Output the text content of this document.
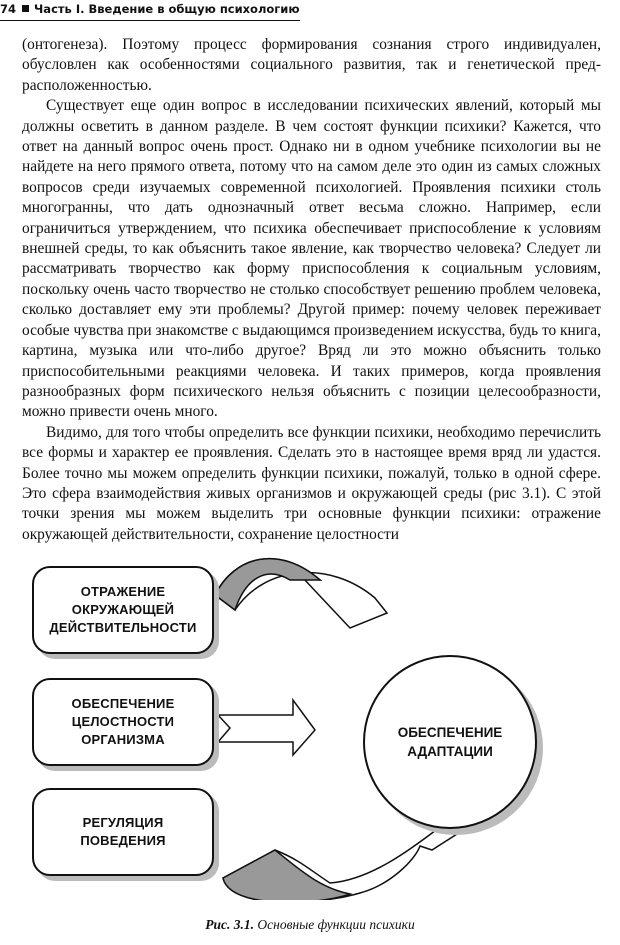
74 Часть I. Введение в общую психологию

(онтогенеза). Поэтому процесс формирования сознания строго индивидуален, обусловлен как особенностями социального развития, так и генетической предрасположенностью.

Существует еще один вопрос в исследовании психических явлений, который мы должны осветить в данном разделе. В чем состоят функции психики? Кажется, что ответ на данный вопрос очень прост. Однако ни в одном учебнике психологии вы не найдете на него прямого ответа, потому что на самом деле это один из самых сложных вопросов среди изучаемых современной психологией. Проявления психики столь многогранны, что дать однозначный ответ весьма сложно. Например, если ограничиться утверждением, что психика обеспечивает приспособление к условиям внешней среды, то как объяснить такое явление, как творчество человека? Следует ли рассматривать творчество как форму приспособления к социальным условиям, поскольку очень часто творчество не столько способствует решению проблем человека, сколько доставляет ему эти проблемы? Другой пример: почему человек переживает особые чувства при знакомстве с выдающимся произведением искусства, будь то книга, картина, музыка или что-либо другое? Вряд ли это можно объяснить только приспособительными реакциями человека. И таких примеров, когда проявления разнообразных форм психического нельзя объяснить с позиции целесообразности, можно привести очень много.

Видимо, для того чтобы определить все функции психики, необходимо перечислить все формы и характер ее проявления. Сделать это в настоящее время вряд ли удастся. Более точно мы можем определить функции психики, пожалуй, только в одной сфере. Это сфера взаимодействия живых организмов и окружающей среды (рис 3.1). С этой точки зрения мы можем выделить три основные функции психики: отражение окружающей действительности, сохранение целостности

ОТРАЖЕНИЕ ОКРУЖАЮЩЕЙ ДЕЙСТВИТЕЛЬНОСТИ
ОБЕСПЕЧЕНИЕ ЦЕЛОСТНОСТИ ОРГАНИЗМА
РЕГУЛЯЦИЯ ПОВЕДЕНИЯ
ОБЕСПЕЧЕНИЕ АДАПТАЦИИ
Рис. 3.1. Основные функции психики
